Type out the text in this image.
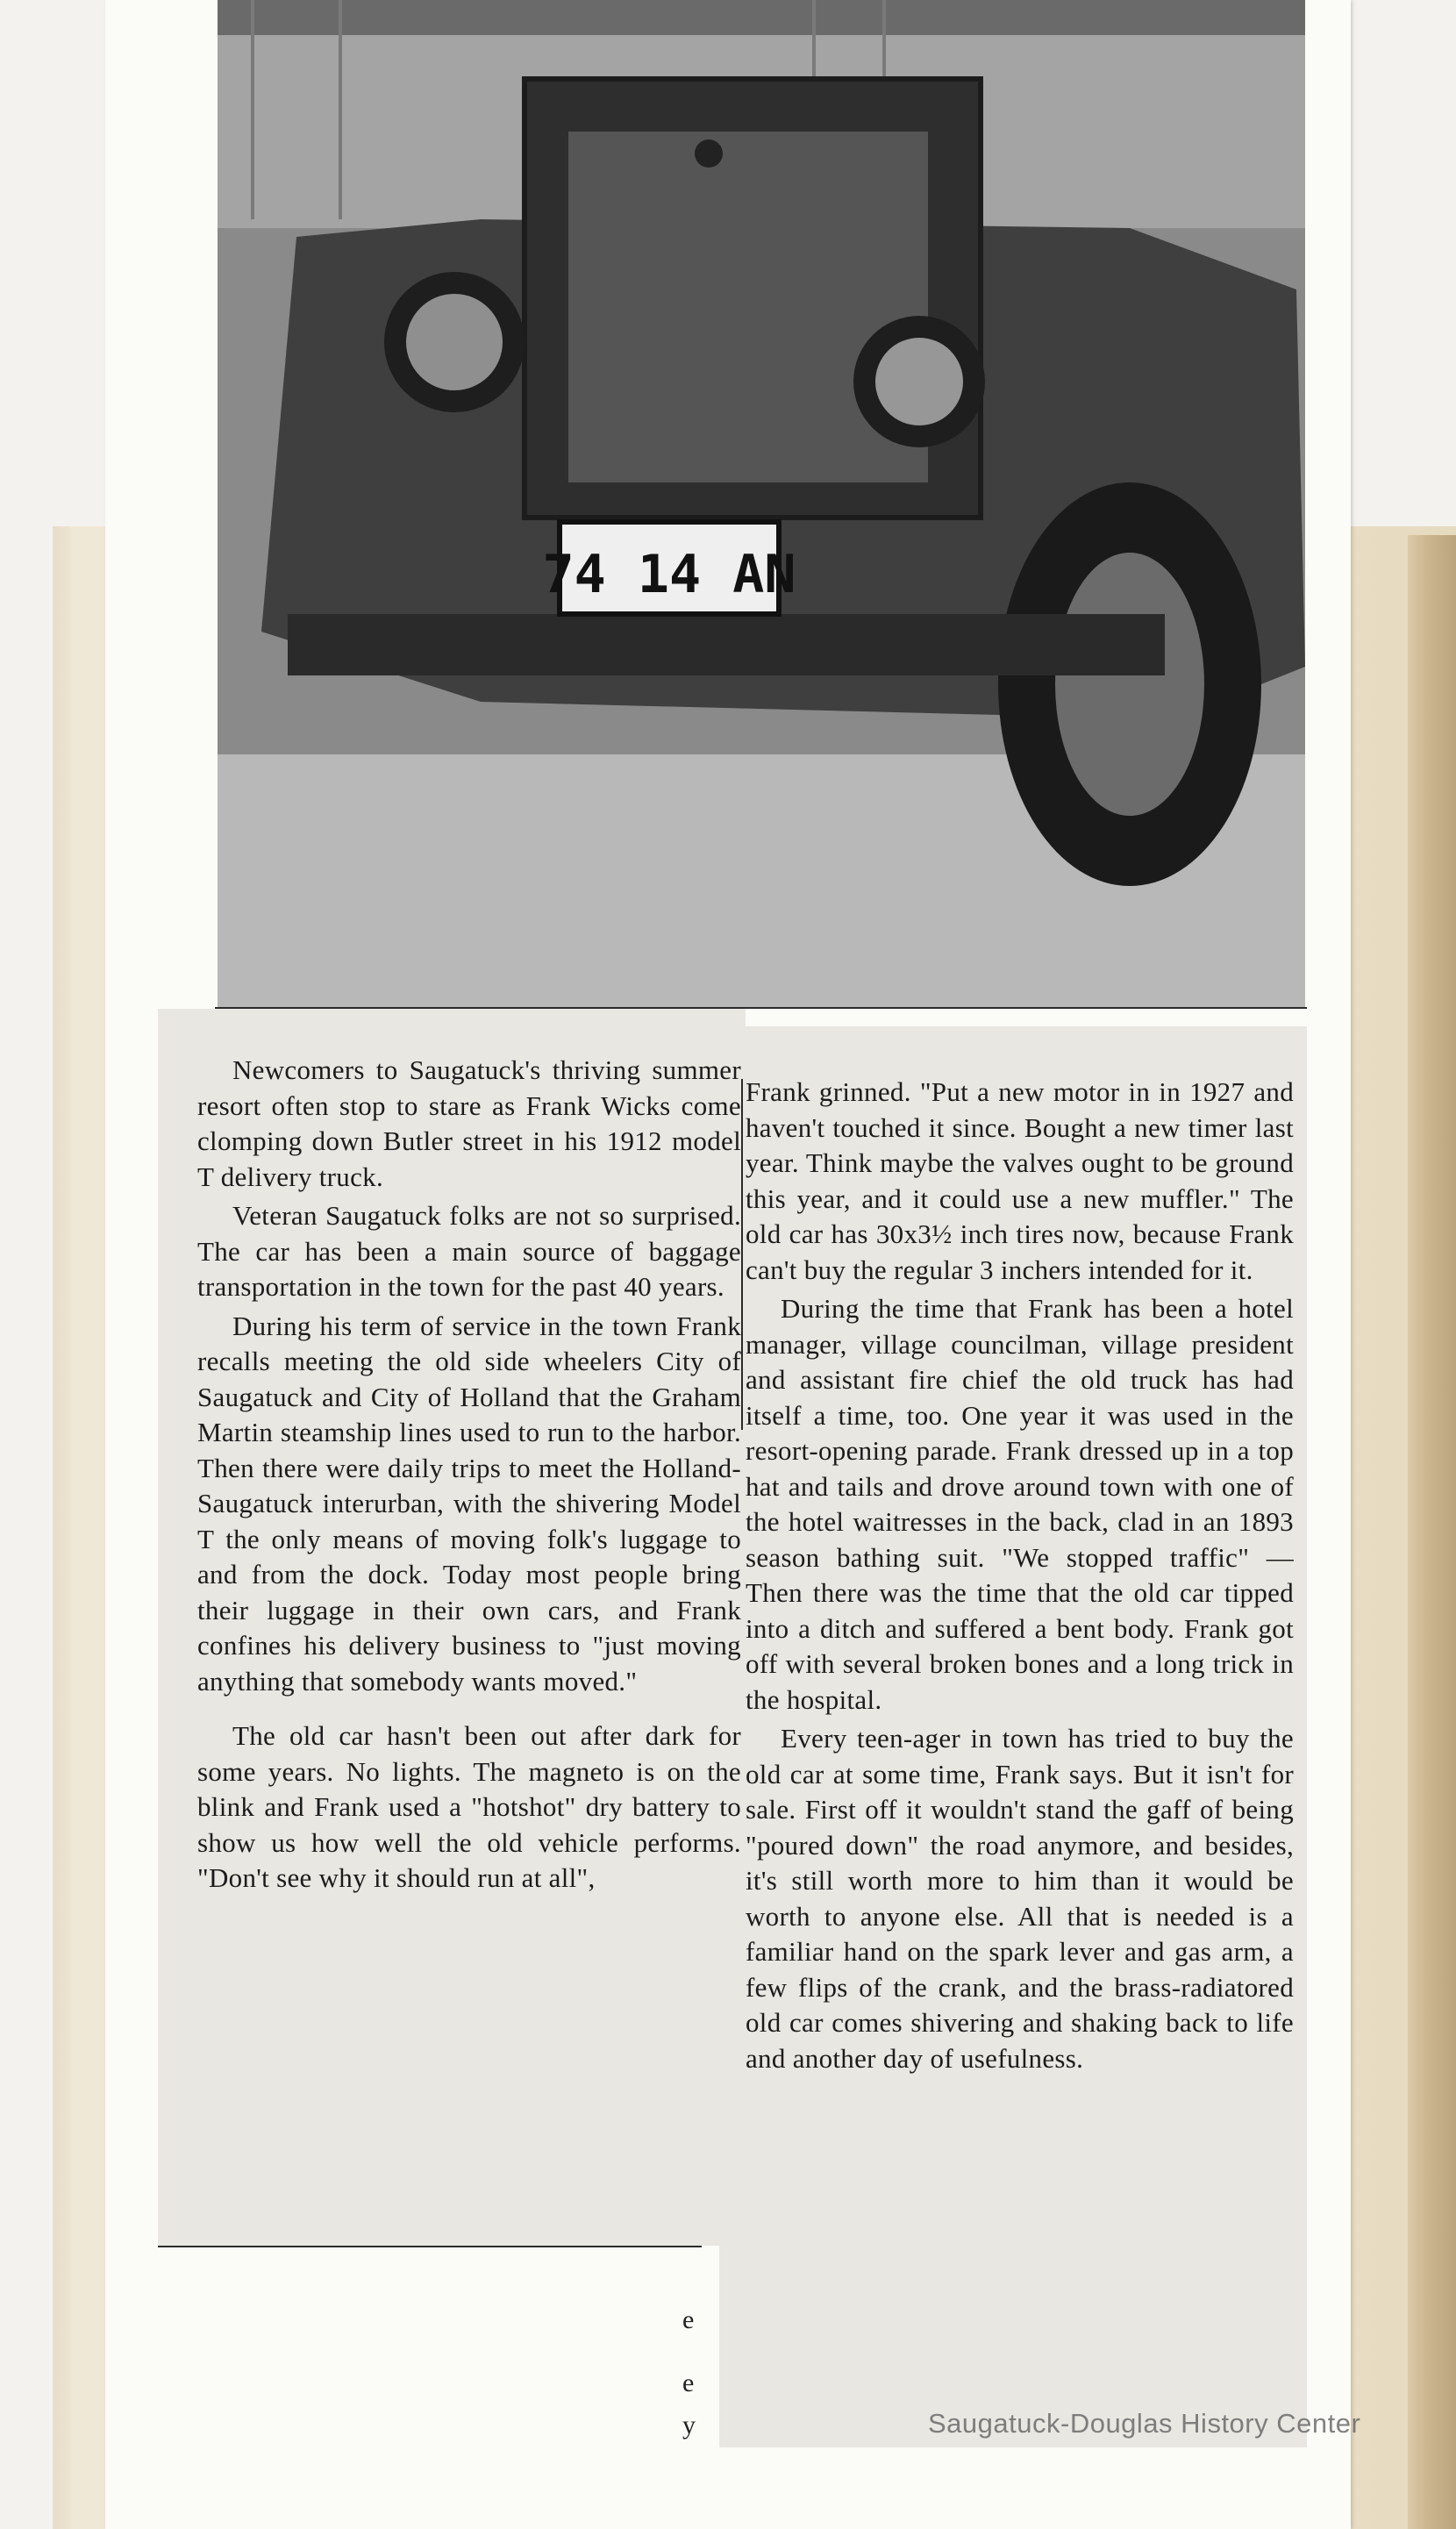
74 14 AN

Newcomers to Saugatuck's thriving summer resort often stop to stare as Frank Wicks come clomping down Butler street in his 1912 model T delivery truck.

Veteran Saugatuck folks are not so surprised. The car has been a main source of baggage transportation in the town for the past 40 years.

During his term of service in the town Frank recalls meeting the old side wheelers City of Saugatuck and City of Holland that the Graham Martin steamship lines used to run to the harbor. Then there were daily trips to meet the Holland-Saugatuck interurban, with the shivering Model T the only means of moving folk's luggage to and from the dock. Today most people bring their luggage in their own cars, and Frank confines his delivery business to "just moving anything that somebody wants moved."

The old car hasn't been out after dark for some years. No lights. The magneto is on the blink and Frank used a "hotshot" dry battery to show us how well the old vehicle performs. "Don't see why it should run at all",

Frank grinned. "Put a new motor in in 1927 and haven't touched it since. Bought a new timer last year. Think maybe the valves ought to be ground this year, and it could use a new muffler." The old car has 30x3½ inch tires now, because Frank can't buy the regular 3 inchers intended for it.

During the time that Frank has been a hotel manager, village councilman, village president and assistant fire chief the old truck has had itself a time, too. One year it was used in the resort-opening parade. Frank dressed up in a top hat and tails and drove around town with one of the hotel waitresses in the back, clad in an 1893 season bathing suit. "We stopped traffic" — Then there was the time that the old car tipped into a ditch and suffered a bent body. Frank got off with several broken bones and a long trick in the hospital.

Every teen-ager in town has tried to buy the old car at some time, Frank says. But it isn't for sale. First off it wouldn't stand the gaff of being "poured down" the road anymore, and besides, it's still worth more to him than it would be worth to anyone else. All that is needed is a familiar hand on the spark lever and gas arm, a few flips of the crank, and the brass-radiatored old car comes shivering and shaking back to life and another day of usefulness.

e
e
y	Saugatuck-Douglas History Center
